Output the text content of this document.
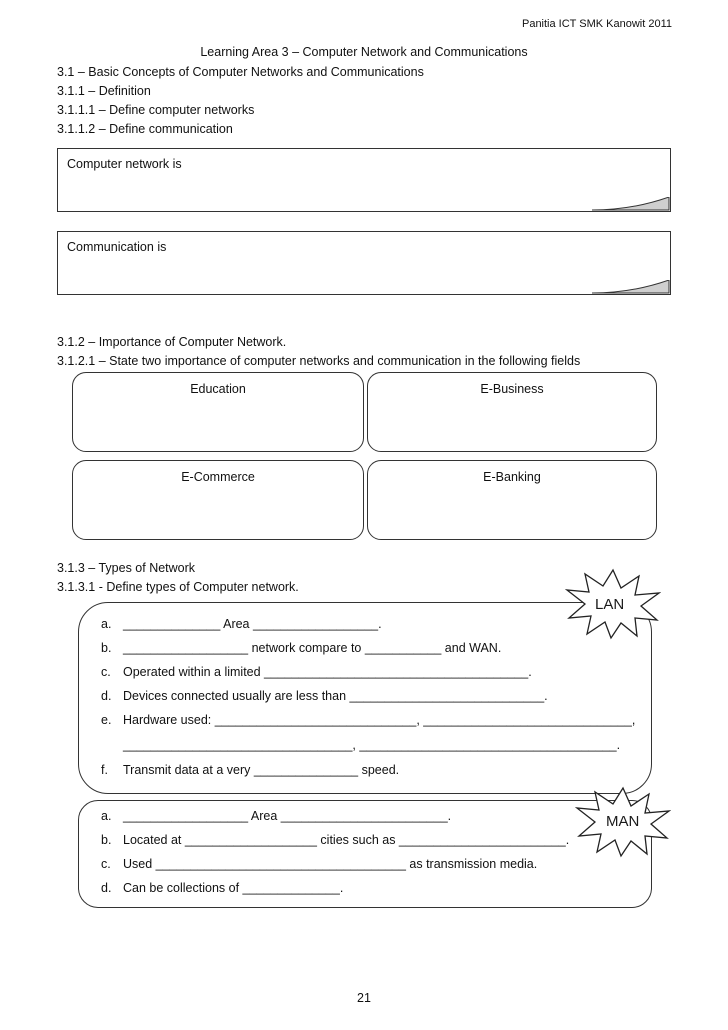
Panitia ICT SMK Kanowit 2011
Learning Area 3 – Computer Network and Communications
3.1 – Basic Concepts of Computer Networks and Communications
3.1.1 – Definition
3.1.1.1 – Define computer networks
3.1.1.2 – Define communication
Computer network is
Communication is
3.1.2 – Importance of Computer Network.
3.1.2.1 – State two importance of computer networks and communication in the following fields
Education	E-Business
E-Commerce	E-Banking
3.1.3 – Types of Network
3.1.3.1 - Define types of Computer network.
a. ______________ Area __________________.
b. __________________ network compare to ___________ and WAN.
c. Operated within a limited ______________________________________.
d. Devices connected usually are less than ____________________________.
e. Hardware used: _____________________________, ______________________________,
_________________________________, _____________________________________.
f. Transmit data at a very _______________ speed.
LAN
a. __________________ Area ________________________.
b. Located at ___________________ cities such as ________________________.
c. Used ____________________________________ as transmission media.
d. Can be collections of ______________.
MAN
21
